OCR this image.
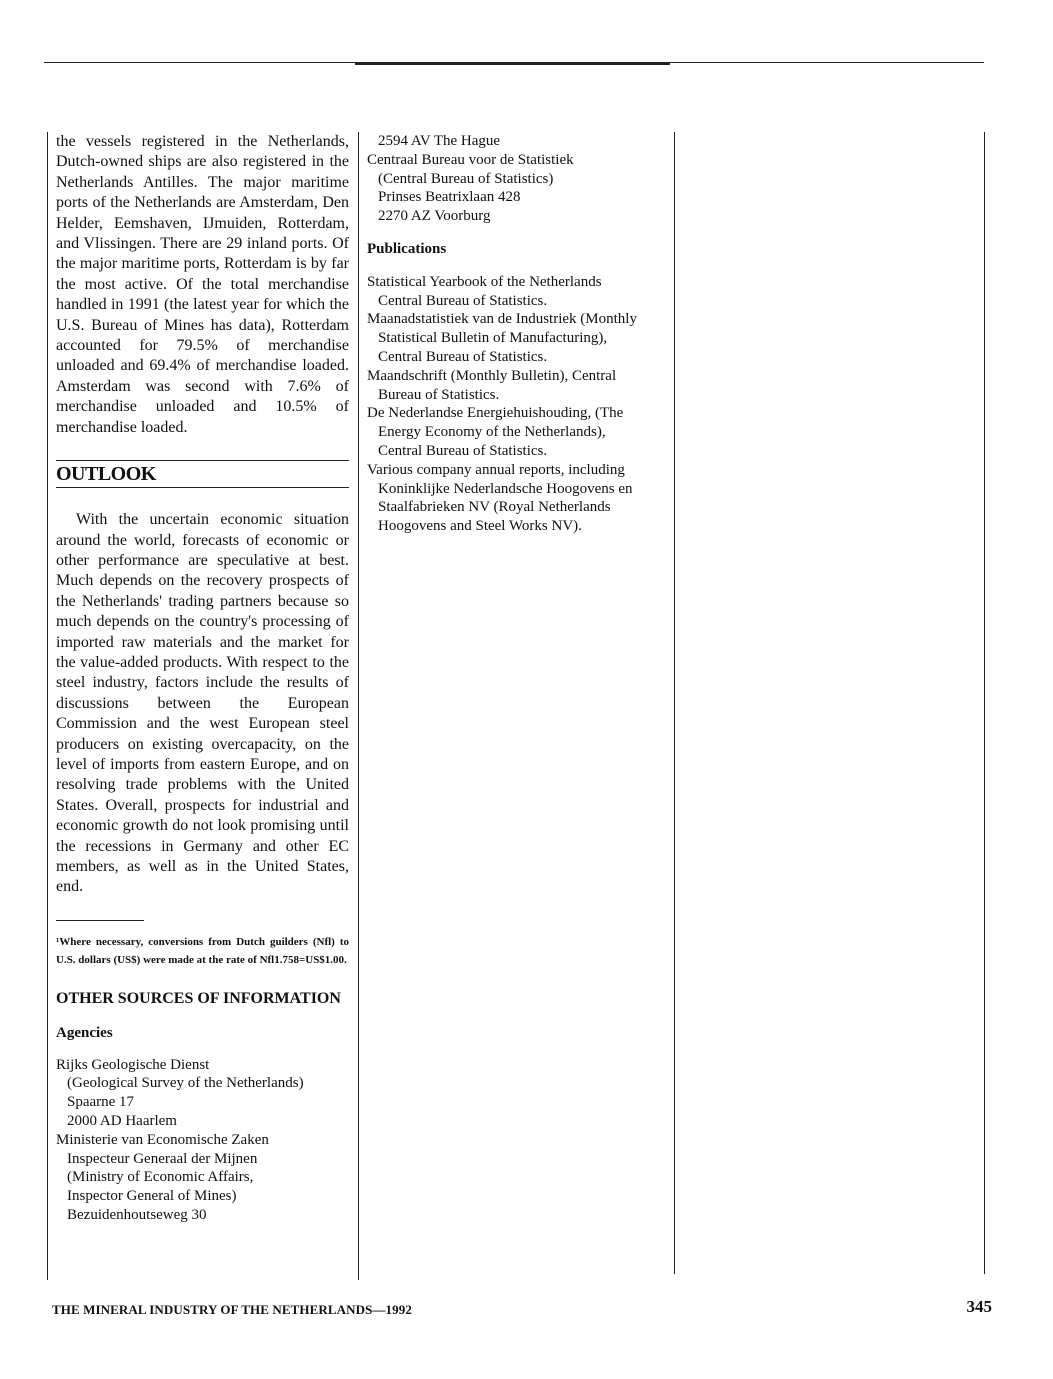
the vessels registered in the Netherlands, Dutch-owned ships are also registered in the Netherlands Antilles. The major maritime ports of the Netherlands are Amsterdam, Den Helder, Eemshaven, IJmuiden, Rotterdam, and Vlissingen. There are 29 inland ports. Of the major maritime ports, Rotterdam is by far the most active. Of the total merchandise handled in 1991 (the latest year for which the U.S. Bureau of Mines has data), Rotterdam accounted for 79.5% of merchandise unloaded and 69.4% of merchandise loaded. Amsterdam was second with 7.6% of merchandise unloaded and 10.5% of merchandise loaded.

OUTLOOK

With the uncertain economic situation around the world, forecasts of economic or other performance are speculative at best. Much depends on the recovery prospects of the Netherlands' trading partners because so much depends on the country's processing of imported raw materials and the market for the value-added products. With respect to the steel industry, factors include the results of discussions between the European Commission and the west European steel producers on existing overcapacity, on the level of imports from eastern Europe, and on resolving trade problems with the United States. Overall, prospects for industrial and economic growth do not look promising until the recessions in Germany and other EC members, as well as in the United States, end.

¹Where necessary, conversions from Dutch guilders (Nfl) to U.S. dollars (US$) were made at the rate of Nfl1.758=US$1.00.

OTHER SOURCES OF INFORMATION

Agencies

Rijks Geologische Dienst
(Geological Survey of the Netherlands)
Spaarne 17
2000 AD Haarlem
Ministerie van Economische Zaken
Inspecteur Generaal der Mijnen
(Ministry of Economic Affairs,
Inspector General of Mines)
Bezuidenhoutseweg 30
2594 AV The Hague
Centraal Bureau voor de Statistiek
(Central Bureau of Statistics)
Prinses Beatrixlaan 428
2270 AZ Voorburg
Publications
Statistical Yearbook of the Netherlands
Central Bureau of Statistics.
Maanadstatistiek van de Industriek (Monthly
Statistical Bulletin of Manufacturing),
Central Bureau of Statistics.
Maandschrift (Monthly Bulletin), Central
Bureau of Statistics.
De Nederlandse Energiehuishouding, (The
Energy Economy of the Netherlands),
Central Bureau of Statistics.
Various company annual reports, including
Koninklijke Nederlandsche Hoogovens en
Staalfabrieken NV (Royal Netherlands
Hoogovens and Steel Works NV).
THE MINERAL INDUSTRY OF THE NETHERLANDS—1992	345
